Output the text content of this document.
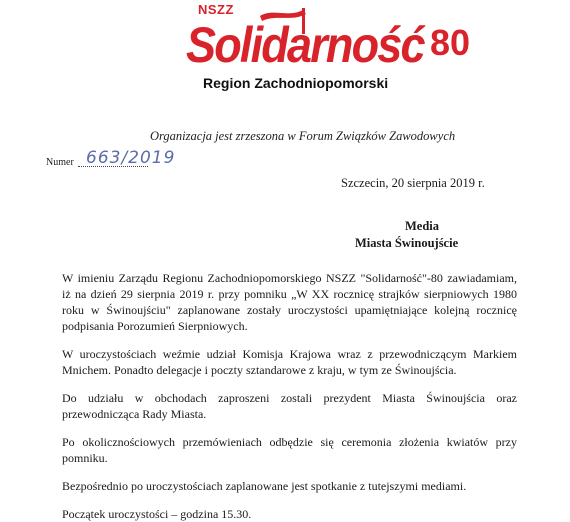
NSZZ
Solidarność 80
Region Zachodniopomorski
Organizacja jest zrzeszona w Forum Związków Zawodowych
Numer 663/2019
Szczecin, 20 sierpnia 2019 r.
Media
Miasta Świnoujście

W imieniu Zarządu Regionu Zachodniopomorskiego NSZZ "Solidarność"-80 zawiadamiam, iż na dzień 29 sierpnia 2019 r. przy pomniku „W XX rocznicę strajków sierpniowych 1980 roku w Świnoujściu" zaplanowane zostały uroczystości upamiętniające kolejną rocznicę podpisania Porozumień Sierpniowych.

W uroczystościach weźmie udział Komisja Krajowa wraz z przewodniczącym Markiem Mnichem. Ponadto delegacje i poczty sztandarowe z kraju, w tym ze Świnoujścia.

Do udziału w obchodach zaproszeni zostali prezydent Miasta Świnoujścia oraz przewodnicząca Rady Miasta.

Po okolicznościowych przemówieniach odbędzie się ceremonia złożenia kwiatów przy pomniku.

Bezpośrednio po uroczystościach zaplanowane jest spotkanie z tutejszymi mediami.

Początek uroczystości – godzina 15.30.
